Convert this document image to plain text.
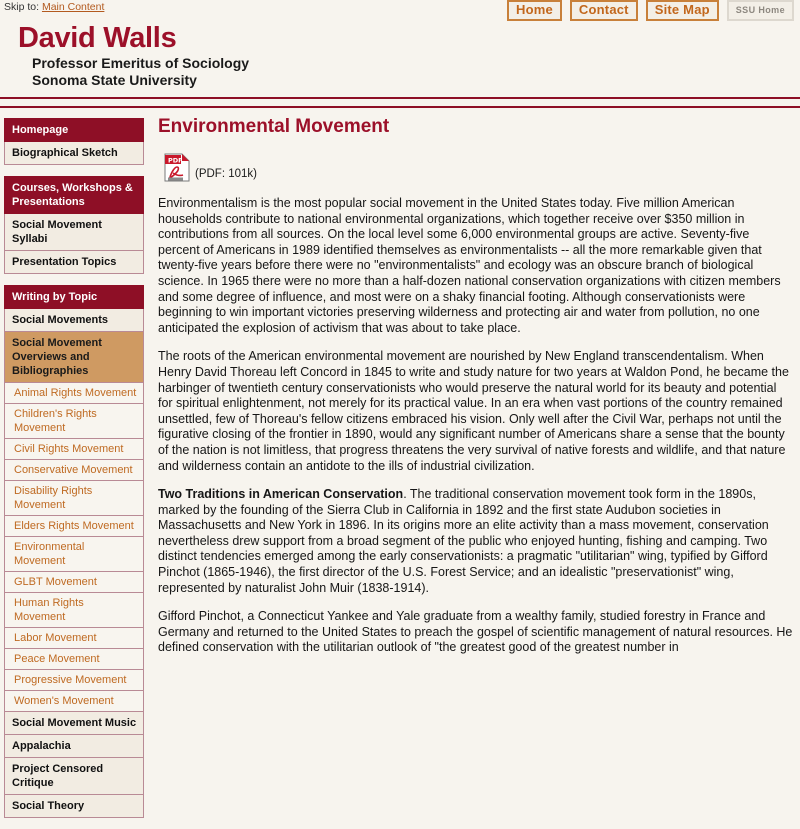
Skip to: Main Content	Home	Contact	Site Map	SSU Home
David Walls
Professor Emeritus of Sociology
Sonoma State University
Homepage
Biographical Sketch
Courses, Workshops & Presentations
Social Movement Syllabi
Presentation Topics
Writing by Topic
Social Movements
Social Movement Overviews and Bibliographies
Animal Rights Movement
Children's Rights Movement
Civil Rights Movement
Conservative Movement
Disability Rights Movement
Elders Rights Movement
Environmental Movement
GLBT Movement
Human Rights Movement
Labor Movement
Peace Movement
Progressive Movement
Women's Movement
Social Movement Music
Appalachia
Project Censored Critique
Social Theory
Environmental Movement
PDF
(PDF: 101k)

Environmentalism is the most popular social movement in the United States today. Five million American households contribute to national environmental organizations, which together receive over $350 million in contributions from all sources. On the local level some 6,000 environmental groups are active. Seventy-five percent of Americans in 1989 identified themselves as environmentalists -- all the more remarkable given that twenty-five years before there were no "environmentalists" and ecology was an obscure branch of biological science. In 1965 there were no more than a half-dozen national conservation organizations with citizen members and some degree of influence, and most were on a shaky financial footing. Although conservationists were beginning to win important victories preserving wilderness and protecting air and water from pollution, no one anticipated the explosion of activism that was about to take place.

The roots of the American environmental movement are nourished by New England transcendentalism. When Henry David Thoreau left Concord in 1845 to write and study nature for two years at Waldon Pond, he became the harbinger of twentieth century conservationists who would preserve the natural world for its beauty and potential for spiritual enlightenment, not merely for its practical value. In an era when vast portions of the country remained unsettled, few of Thoreau's fellow citizens embraced his vision. Only well after the Civil War, perhaps not until the figurative closing of the frontier in 1890, would any significant number of Americans share a sense that the bounty of the nation is not limitless, that progress threatens the very survival of native forests and wildlife, and that nature and wilderness contain an antidote to the ills of industrial civilization.

Two Traditions in American Conservation. The traditional conservation movement took form in the 1890s, marked by the founding of the Sierra Club in California in 1892 and the first state Audubon societies in Massachusetts and New York in 1896. In its origins more an elite activity than a mass movement, conservation nevertheless drew support from a broad segment of the public who enjoyed hunting, fishing and camping. Two distinct tendencies emerged among the early conservationists: a pragmatic "utilitarian" wing, typified by Gifford Pinchot (1865-1946), the first director of the U.S. Forest Service; and an idealistic "preservationist" wing, represented by naturalist John Muir (1838-1914).

Gifford Pinchot, a Connecticut Yankee and Yale graduate from a wealthy family, studied forestry in France and Germany and returned to the United States to preach the gospel of scientific management of natural resources. He defined conservation with the utilitarian outlook of "the greatest good of the greatest number in
